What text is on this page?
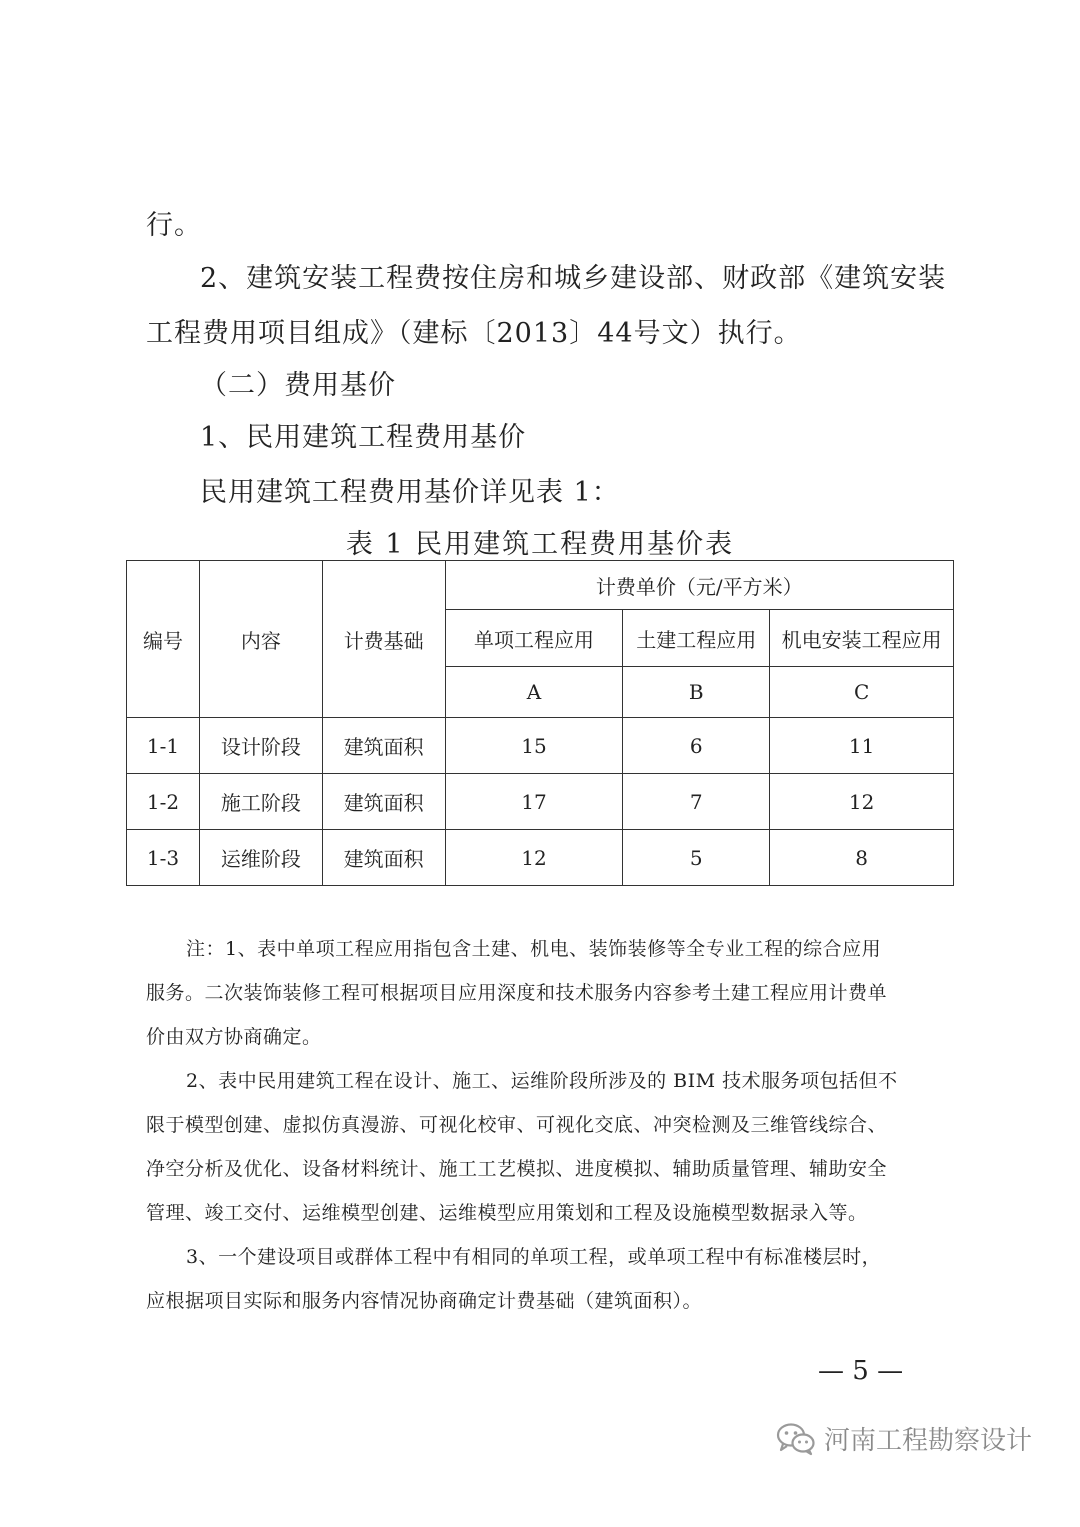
行。
2、建筑安装工程费按住房和城乡建设部、财政部《建筑安装
工程费用项目组成》（建标〔2013〕44号文）执行。
（二）费用基价
1、民用建筑工程费用基价
民用建筑工程费用基价详见表 1：
表 1 民用建筑工程费用基价表
编号	内容	计费基础	计费单价（元/平方米）		
			单项工程应用	土建工程应用	机电安装工程应用
			A	B	C
1-1	设计阶段	建筑面积	15	6	11
1-2	施工阶段	建筑面积	17	7	12
1-3	运维阶段	建筑面积	12	5	8
注：1、表中单项工程应用指包含土建、机电、装饰装修等全专业工程的综合应用
服务。二次装饰装修工程可根据项目应用深度和技术服务内容参考土建工程应用计费单
价由双方协商确定。
2、表中民用建筑工程在设计、施工、运维阶段所涉及的 BIM 技术服务项包括但不
限于模型创建、虚拟仿真漫游、可视化校审、可视化交底、冲突检测及三维管线综合、
净空分析及优化、设备材料统计、施工工艺模拟、进度模拟、辅助质量管理、辅助安全
管理、竣工交付、运维模型创建、运维模型应用策划和工程及设施模型数据录入等。
3、一个建设项目或群体工程中有相同的单项工程，或单项工程中有标准楼层时，
应根据项目实际和服务内容情况协商确定计费基础（建筑面积）。
— 5 —
河南工程勘察设计
